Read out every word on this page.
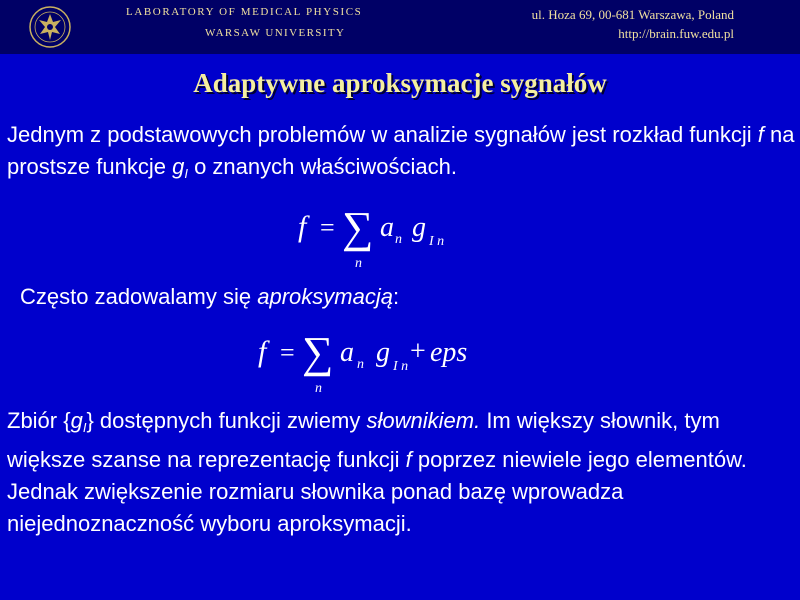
LABORATORY OF MEDICAL PHYSICS
WARSAW UNIVERSITY
ul. Hoza 69, 00-681 Warszawa, Poland
http://brain.fuw.edu.pl
Adaptywne aproksymacje sygnałów
Jednym z podstawowych problemów w analizie sygnałów jest rozkład funkcji f na prostsze funkcje $g_I$ o znanych właściwościach.
f = ∑
n
a n g I n
Często zadowalamy się aproksymacją:
f = ∑
n
a n g I n + eps
Zbiór $\{g_I\}$ dostępnych funkcji zwiemy słownikiem. Im większy słownik, tym większe szanse na reprezentację funkcji f poprzez niewiele jego elementów. Jednak zwiększenie rozmiaru słownika ponad bazę wprowadza niejednoznaczność wyboru aproksymacji.
